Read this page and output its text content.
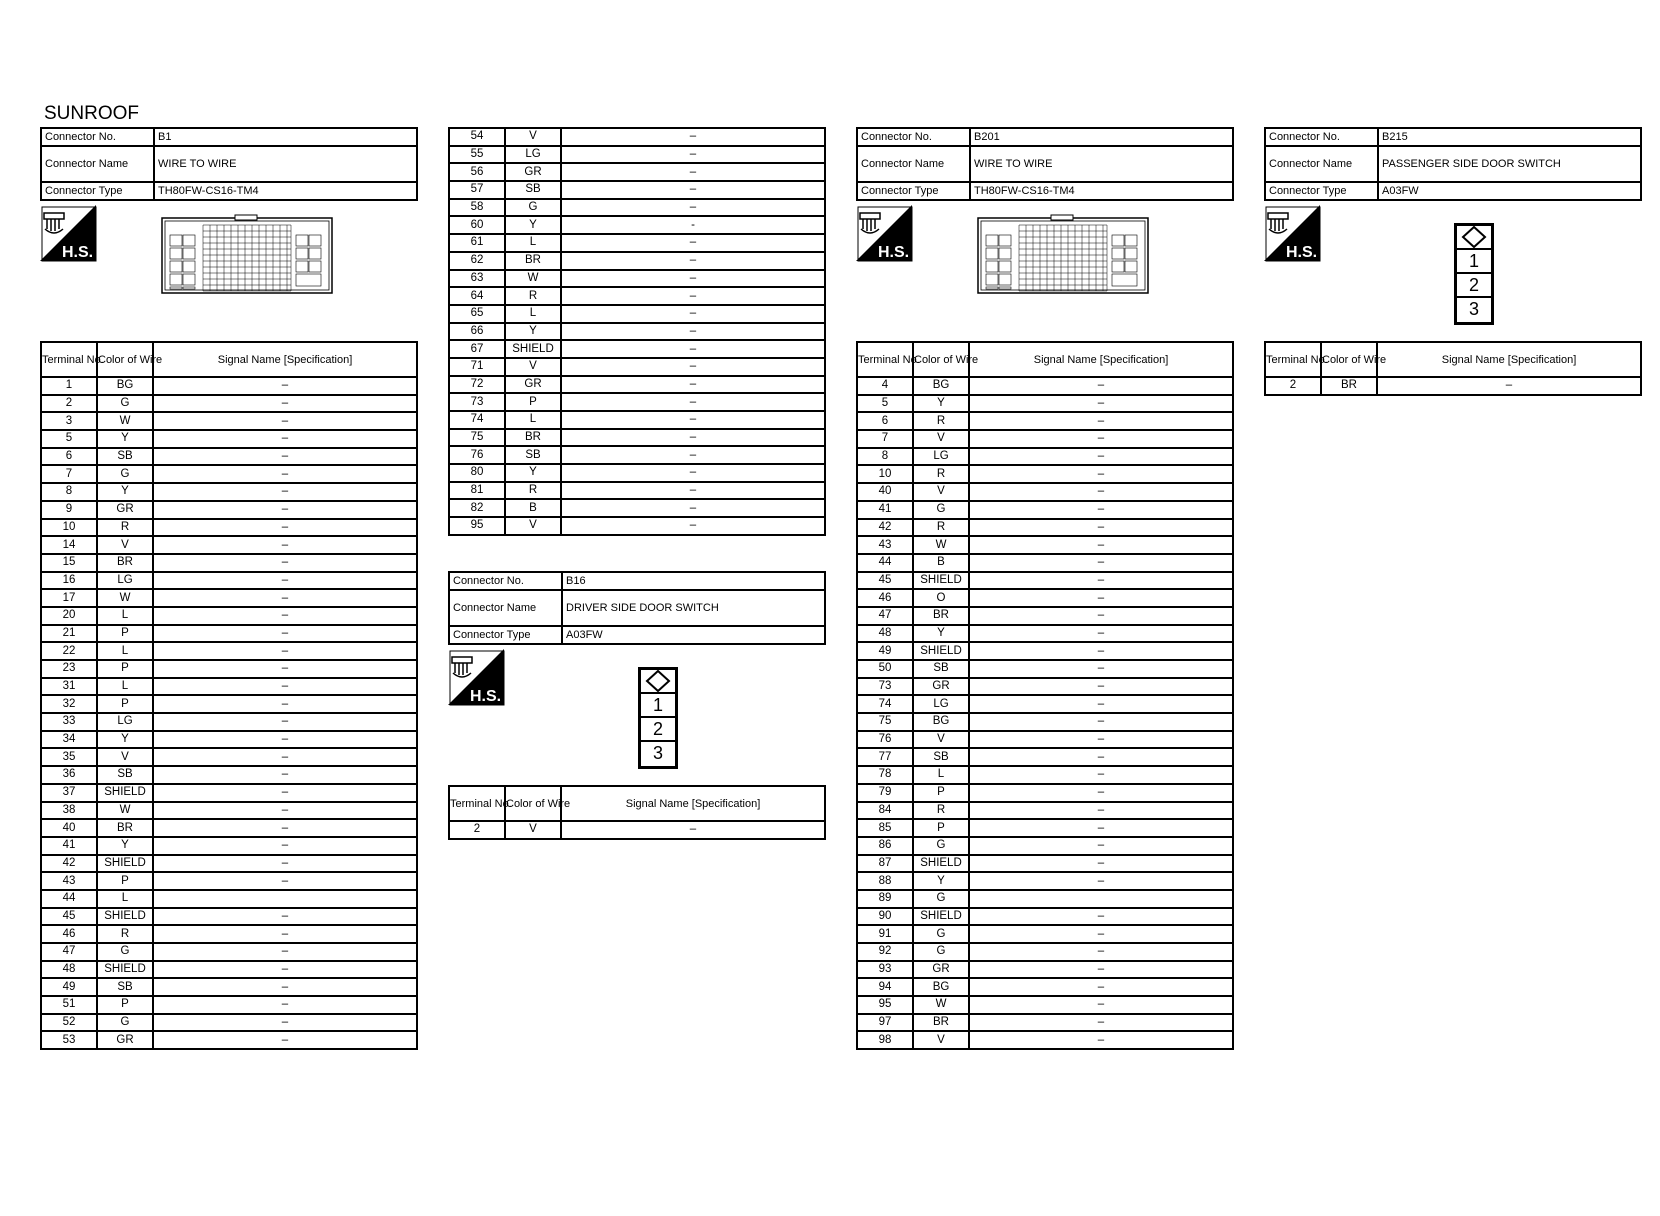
SUNROOF
Connector No.	B1
Connector Name	WIRE TO WIRE
Connector Type	TH80FW-CS16-TM4
H.S.
Terminal No.	Color of Wire	Signal Name [Specification]
1	BG	–
2	G	–
3	W	–
5	Y	–
6	SB	–
7	G	–
8	Y	–
9	GR	–
10	R	–
14	V	–
15	BR	–
16	LG	–
17	W	–
20	L	–
21	P	–
22	L	–
23	P	–
31	L	–
32	P	–
33	LG	–
34	Y	–
35	V	–
36	SB	–
37	SHIELD	–
38	W	–
40	BR	–
41	Y	–
42	SHIELD	–
43	P	–
44	L	
45	SHIELD	–
46	R	–
47	G	–
48	SHIELD	–
49	SB	–
51	P	–
52	G	–
53	GR	–
54	V	–
55	LG	–
56	GR	–
57	SB	–
58	G	–
60	Y	-
61	L	–
62	BR	–
63	W	–
64	R	–
65	L	–
66	Y	–
67	SHIELD	–
71	V	–
72	GR	–
73	P	–
74	L	–
75	BR	–
76	SB	–
80	Y	–
81	R	–
82	B	–
95	V	–
Connector No.	B16
Connector Name	DRIVER SIDE DOOR SWITCH
Connector Type	A03FW
H.S.	1
2
3
Terminal No.	Color of Wire	Signal Name [Specification]
2	V	–
Connector No.	B201
Connector Name	WIRE TO WIRE
Connector Type	TH80FW-CS16-TM4
H.S.
Terminal No.	Color of Wire	Signal Name [Specification]
4	BG	–
5	Y	–
6	R	–
7	V	–
8	LG	–
10	R	–
40	V	–
41	G	–
42	R	–
43	W	–
44	B	–
45	SHIELD	–
46	O	–
47	BR	–
48	Y	–
49	SHIELD	–
50	SB	–
73	GR	–
74	LG	–
75	BG	–
76	V	–
77	SB	–
78	L	–
79	P	–
84	R	–
85	P	–
86	G	–
87	SHIELD	–
88	Y	–
89	G	
90	SHIELD	–
91	G	–
92	G	–
93	GR	–
94	BG	–
95	W	–
97	BR	–
98	V	–
Connector No.	B215
Connector Name	PASSENGER SIDE DOOR SWITCH
Connector Type	A03FW
H.S.	1
2
3
Terminal No.	Color of Wire	Signal Name [Specification]
2	BR	–
